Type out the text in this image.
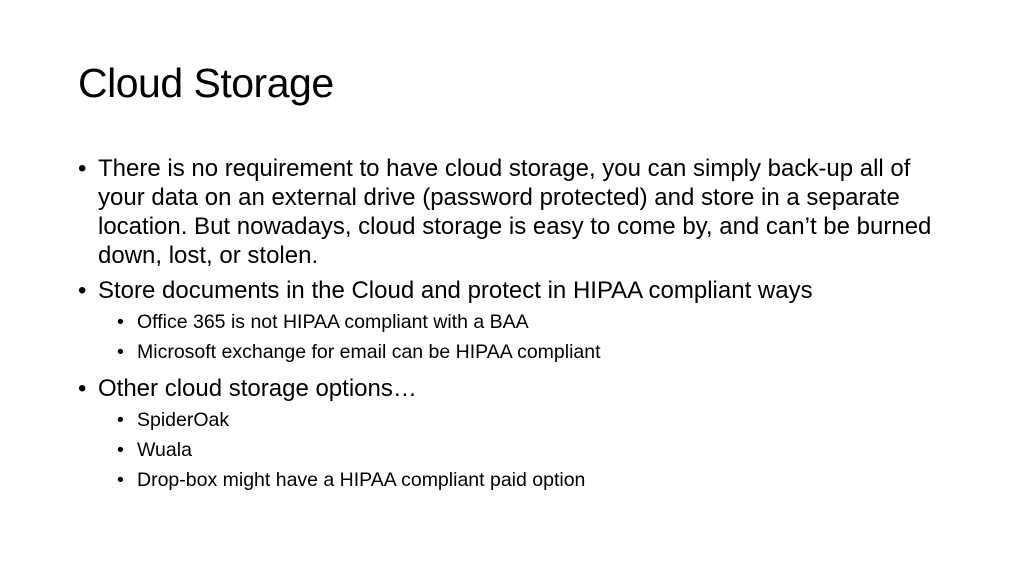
Cloud Storage
• There is no requirement to have cloud storage, you can simply back-up all of your data on an external drive (password protected) and store in a separate location. But nowadays, cloud storage is easy to come by, and can’t be burned down, lost, or stolen.
• Store documents in the Cloud and protect in HIPAA compliant ways
• Office 365 is not HIPAA compliant with a BAA
• Microsoft exchange for email can be HIPAA compliant
• Other cloud storage options…
• SpiderOak
• Wuala
• Drop-box might have a HIPAA compliant paid option
